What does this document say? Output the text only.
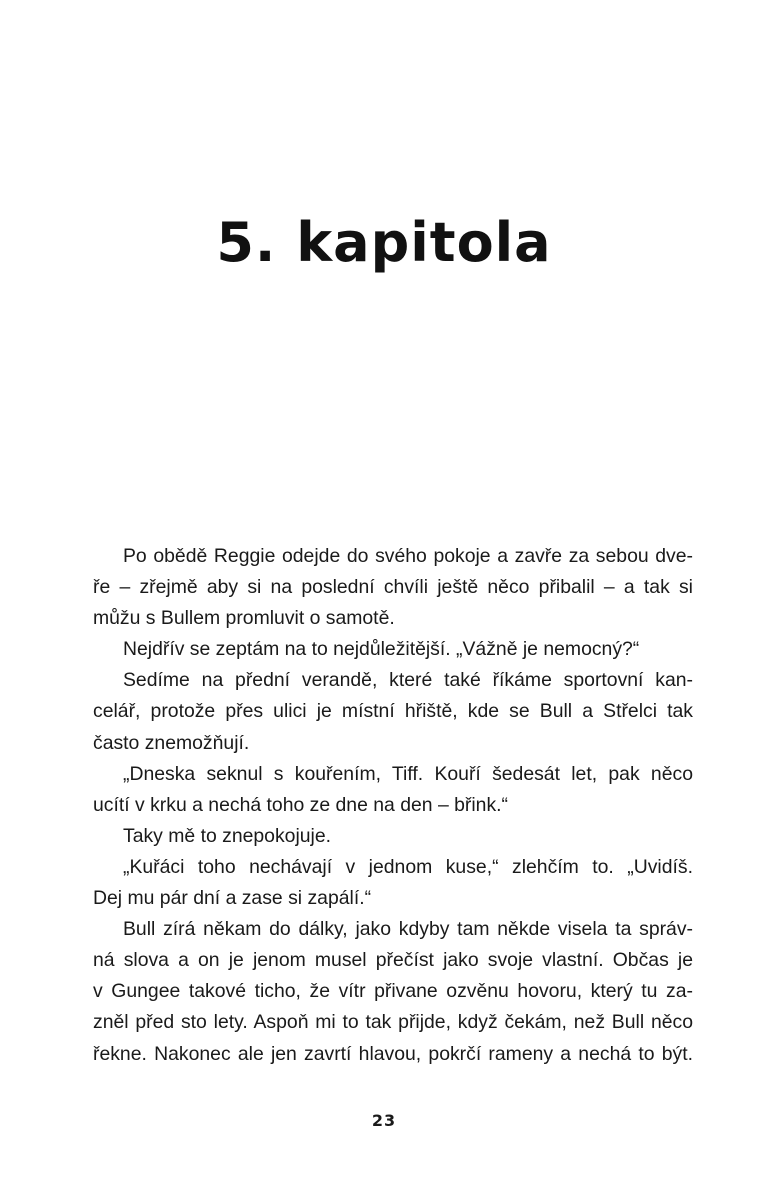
5. kapitola
Po obědě Reggie odejde do svého pokoje a zavře za sebou dve-
ře – zřejmě aby si na poslední chvíli ještě něco přibalil – a tak si
můžu s Bullem promluvit o samotě.
Nejdřív se zeptám na to nejdůležitější. „Vážně je nemocný?“
Sedíme na přední verandě, které také říkáme sportovní kan-
celář, protože přes ulici je místní hřiště, kde se Bull a Střelci tak
často znemožňují.
„Dneska seknul s kouřením, Tiff. Kouří šedesát let, pak něco
ucítí v krku a nechá toho ze dne na den – břink.“
Taky mě to znepokojuje.
„Kuřáci toho nechávají v jednom kuse,“ zlehčím to. „Uvidíš.
Dej mu pár dní a zase si zapálí.“
Bull zírá někam do dálky, jako kdyby tam někde visela ta správ-
ná slova a on je jenom musel přečíst jako svoje vlastní. Občas je
v Gungee takové ticho, že vítr přivane ozvěnu hovoru, který tu za-
zněl před sto lety. Aspoň mi to tak přijde, když čekám, než Bull něco
řekne. Nakonec ale jen zavrtí hlavou, pokrčí rameny a nechá to být.
23
